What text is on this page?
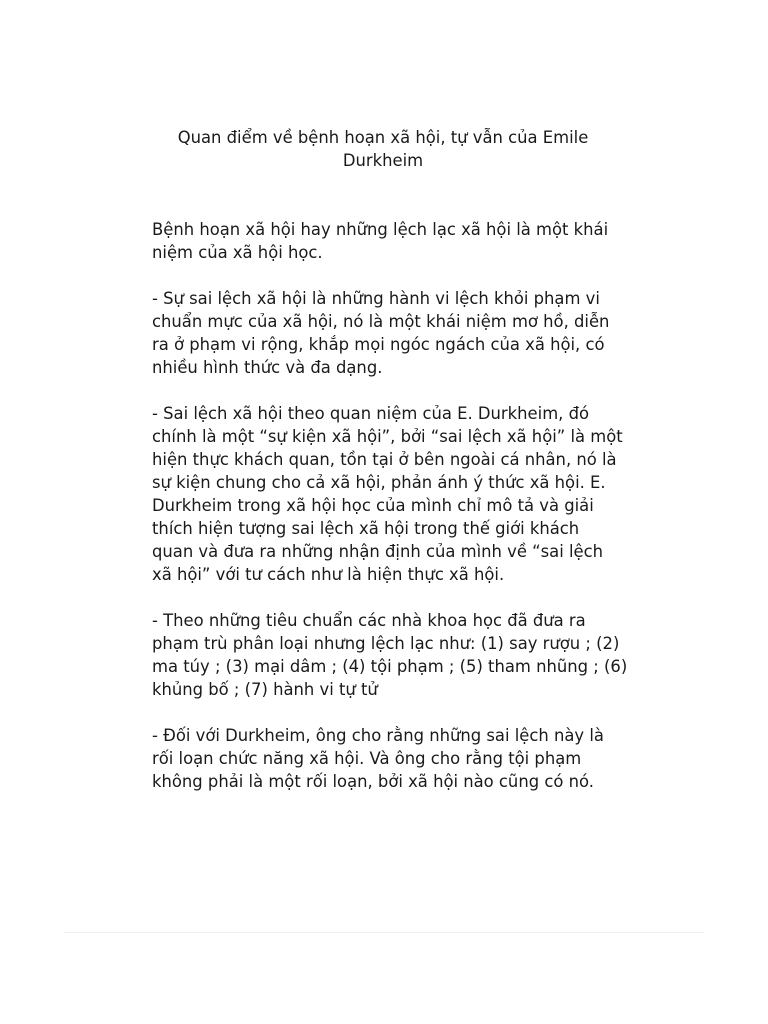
Quan điểm về bệnh hoạn xã hội, tự vẫn của Emile
Durkheim

Bệnh hoạn xã hội hay những lệch lạc xã hội là một khái
niệm của xã hội học.

- Sự sai lệch xã hội là những hành vi lệch khỏi phạm vi
chuẩn mực của xã hội, nó là một khái niệm mơ hồ, diễn
ra ở phạm vi rộng, khắp mọi ngóc ngách của xã hội, có
nhiều hình thức và đa dạng.

- Sai lệch xã hội theo quan niệm của E. Durkheim, đó
chính là một “sự kiện xã hội”, bởi “sai lệch xã hội” là một
hiện thực khách quan, tồn tại ở bên ngoài cá nhân, nó là
sự kiện chung cho cả xã hội, phản ánh ý thức xã hội. E.
Durkheim trong xã hội học của mình chỉ mô tả và giải
thích hiện tượng sai lệch xã hội trong thế giới khách
quan và đưa ra những nhận định của mình về “sai lệch
xã hội” với tư cách như là hiện thực xã hội.

- Theo những tiêu chuẩn các nhà khoa học đã đưa ra
phạm trù phân loại nhưng lệch lạc như: (1) say rượu ; (2)
ma túy ; (3) mại dâm ; (4) tội phạm ; (5) tham nhũng ; (6)
khủng bố ; (7) hành vi tự tử

- Đối với Durkheim, ông cho rằng những sai lệch này là
rối loạn chức năng xã hội. Và ông cho rằng tội phạm
không phải là một rối loạn, bởi xã hội nào cũng có nó.
